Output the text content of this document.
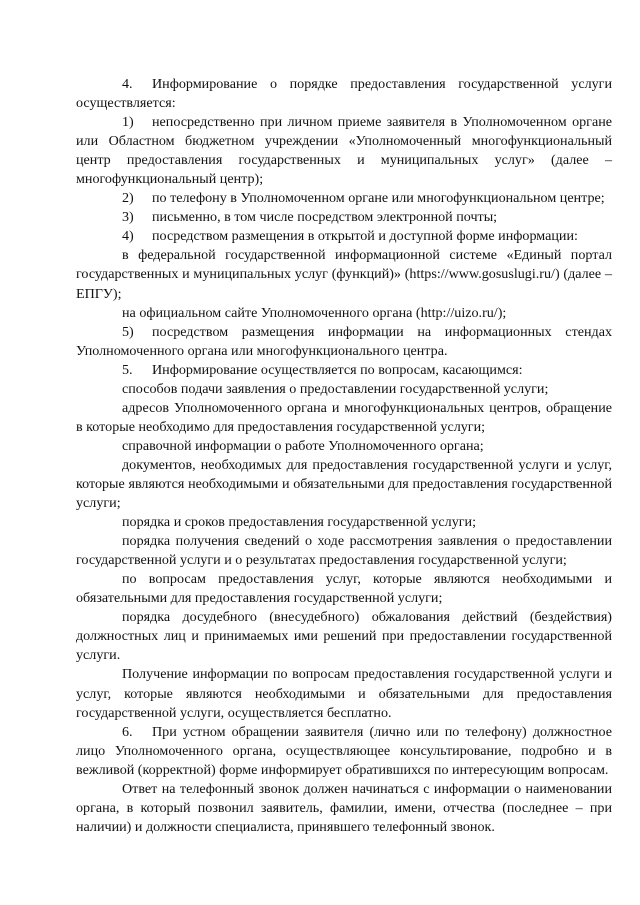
4. Информирование о порядке предоставления государственной услуги осуществляется:

1) непосредственно при личном приеме заявителя в Уполномоченном органе или Областном бюджетном учреждении «Уполномоченный многофункциональный центр предоставления государственных и муниципальных услуг» (далее – многофункциональный центр);

2) по телефону в Уполномоченном органе или многофункциональном центре;

3) письменно, в том числе посредством электронной почты;

4) посредством размещения в открытой и доступной форме информации:

в федеральной государственной информационной системе «Единый портал государственных и муниципальных услуг (функций)» (https://www.gosuslugi.ru/) (далее – ЕПГУ);

на официальном сайте Уполномоченного органа (http://uizo.ru/);

5) посредством размещения информации на информационных стендах Уполномоченного органа или многофункционального центра.

5. Информирование осуществляется по вопросам, касающимся:

способов подачи заявления о предоставлении государственной услуги;

адресов Уполномоченного органа и многофункциональных центров, обращение в которые необходимо для предоставления государственной услуги;

справочной информации о работе Уполномоченного органа;

документов, необходимых для предоставления государственной услуги и услуг, которые являются необходимыми и обязательными для предоставления государственной услуги;

порядка и сроков предоставления государственной услуги;

порядка получения сведений о ходе рассмотрения заявления о предоставлении государственной услуги и о результатах предоставления государственной услуги;

по вопросам предоставления услуг, которые являются необходимыми и обязательными для предоставления государственной услуги;

порядка досудебного (внесудебного) обжалования действий (бездействия) должностных лиц и принимаемых ими решений при предоставлении государственной услуги.

Получение информации по вопросам предоставления государственной услуги и услуг, которые являются необходимыми и обязательными для предоставления государственной услуги, осуществляется бесплатно.

6. При устном обращении заявителя (лично или по телефону) должностное лицо Уполномоченного органа, осуществляющее консультирование, подробно и в вежливой (корректной) форме информирует обратившихся по интересующим вопросам.

Ответ на телефонный звонок должен начинаться с информации о наименовании органа, в который позвонил заявитель, фамилии, имени, отчества (последнее – при наличии) и должности специалиста, принявшего телефонный звонок.
